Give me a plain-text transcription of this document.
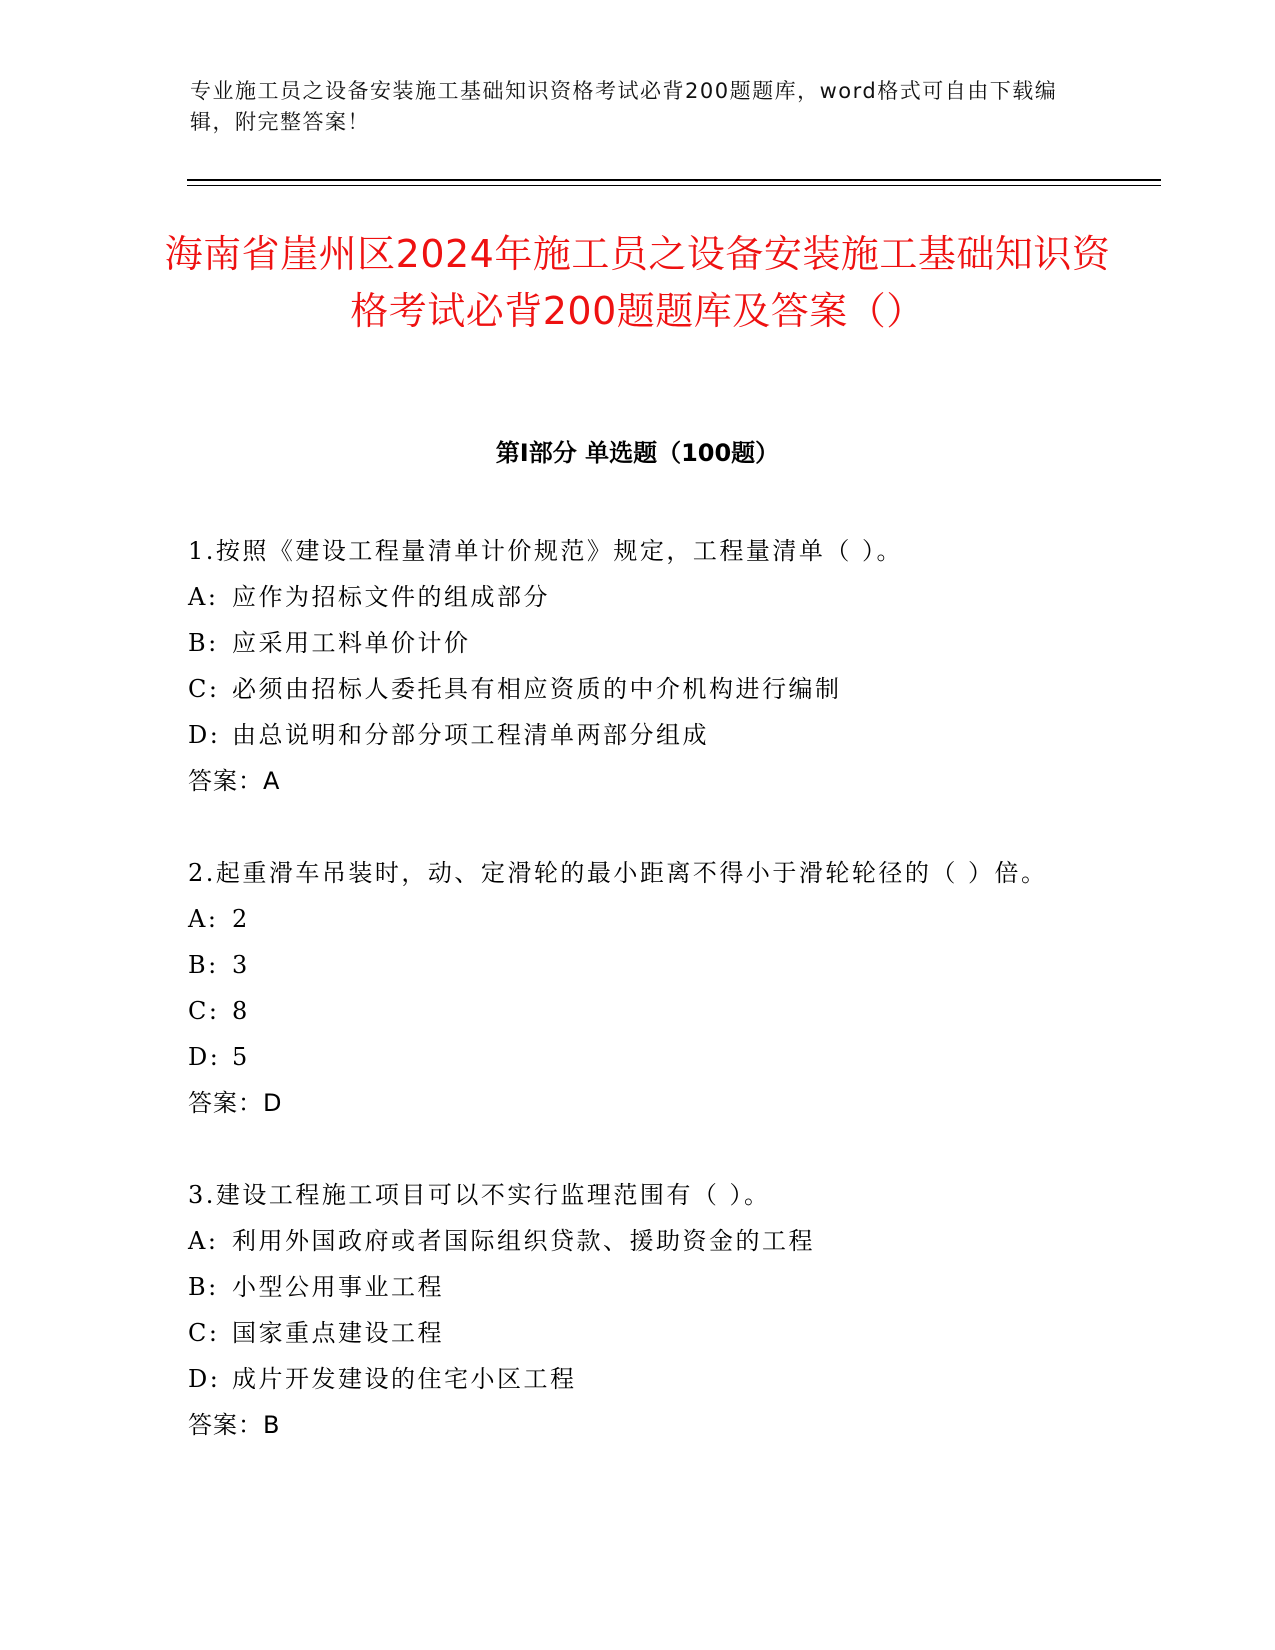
专业施工员之设备安装施工基础知识资格考试必背200题题库，word格式可自由下载编辑，附完整答案！
海南省崖州区2024年施工员之设备安装施工基础知识资格考试必背200题题库及答案（）
第Ⅰ部分 单选题（100题）

1.按照《建设工程量清单计价规范》规定，工程量清单（ ）。

A: 应作为招标文件的组成部分

B: 应采用工料单价计价

C: 必须由招标人委托具有相应资质的中介机构进行编制

D: 由总说明和分部分项工程清单两部分组成

答案：A

2.起重滑车吊装时，动、定滑轮的最小距离不得小于滑轮轮径的（ ）倍。

A: 2

B: 3

C: 8

D: 5

答案：D

3.建设工程施工项目可以不实行监理范围有（ ）。

A: 利用外国政府或者国际组织贷款、援助资金的工程

B: 小型公用事业工程

C: 国家重点建设工程

D: 成片开发建设的住宅小区工程

答案：B
